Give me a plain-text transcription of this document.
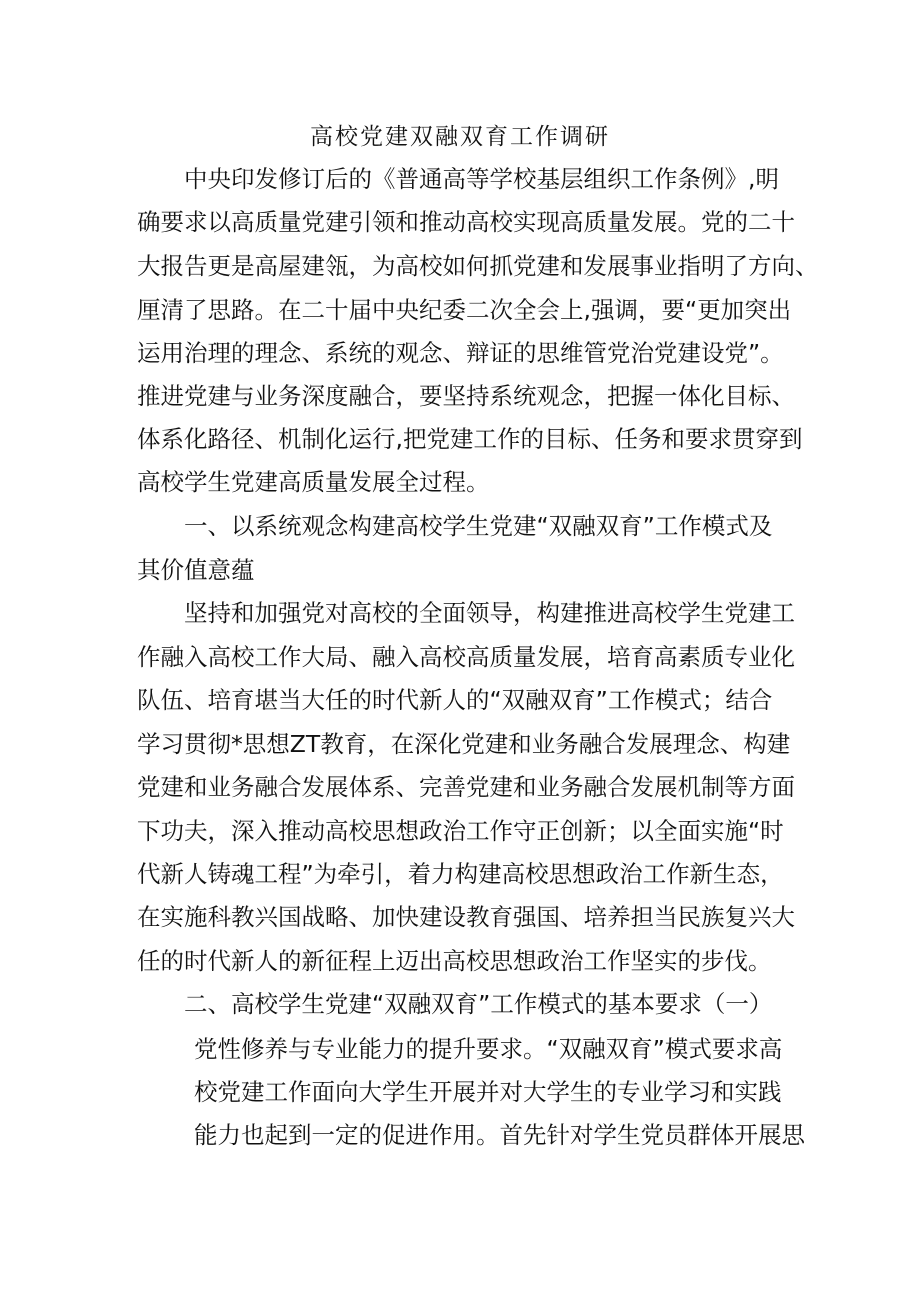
高校党建双融双育工作调研
中央印发修订后的《普通高等学校基层组织工作条例》,明
确要求以高质量党建引领和推动高校实现高质量发展。党的二十
大报告更是高屋建瓴，为高校如何抓党建和发展事业指明了方向、
厘清了思路。在二十届中央纪委二次全会上,强调，要“更加突出
运用治理的理念、系统的观念、辩证的思维管党治党建设党”。
推进党建与业务深度融合，要坚持系统观念，把握一体化目标、
体系化路径、机制化运行,把党建工作的目标、任务和要求贯穿到
高校学生党建高质量发展全过程。
一、以系统观念构建高校学生党建“双融双育”工作模式及
其价值意蕴
坚持和加强党对高校的全面领导，构建推进高校学生党建工
作融入高校工作大局、融入高校高质量发展，培育高素质专业化
队伍、培育堪当大任的时代新人的“双融双育”工作模式；结合
学习贯彻*思想ZT教育，在深化党建和业务融合发展理念、构建
党建和业务融合发展体系、完善党建和业务融合发展机制等方面
下功夫，深入推动高校思想政治工作守正创新；以全面实施“时
代新人铸魂工程”为牵引，着力构建高校思想政治工作新生态，
在实施科教兴国战略、加快建设教育强国、培养担当民族复兴大
任的时代新人的新征程上迈出高校思想政治工作坚实的步伐。
二、高校学生党建“双融双育”工作模式的基本要求（一）
党性修养与专业能力的提升要求。“双融双育”模式要求高
校党建工作面向大学生开展并对大学生的专业学习和实践
能力也起到一定的促进作用。首先针对学生党员群体开展思
